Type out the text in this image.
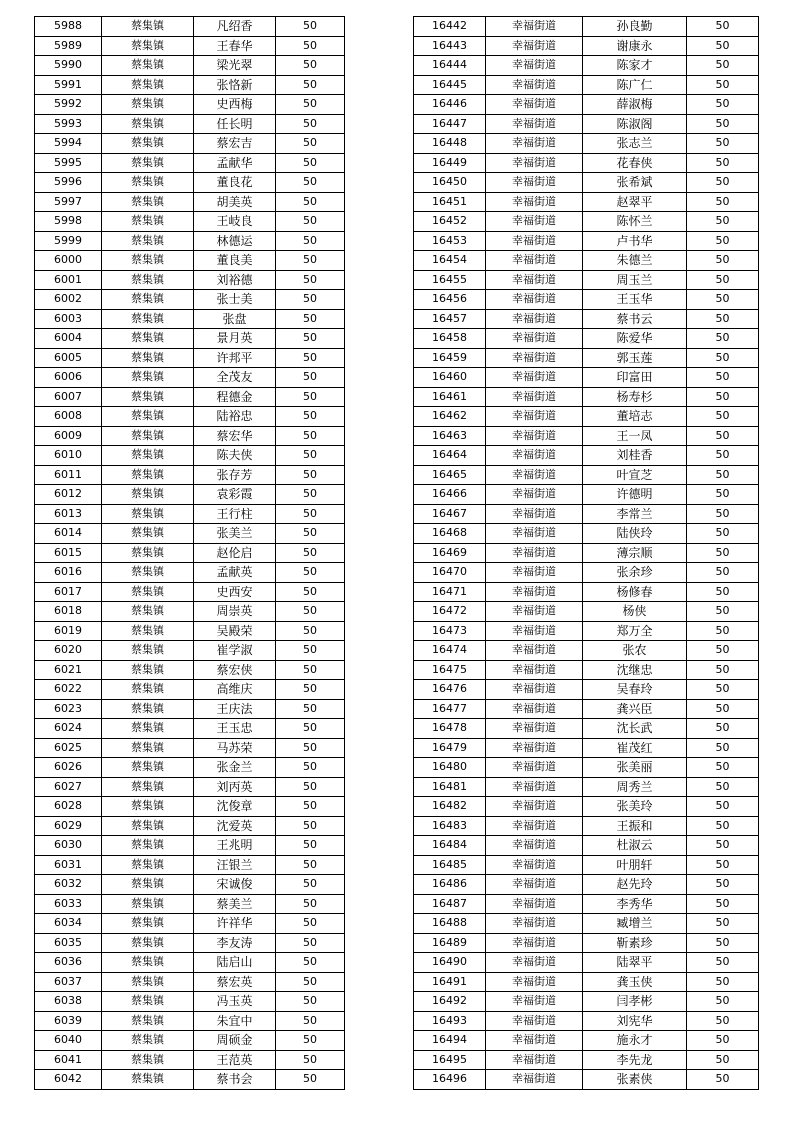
5988	蔡集镇	凡绍香	50
5989	蔡集镇	王春华	50
5990	蔡集镇	梁光翠	50
5991	蔡集镇	张恪新	50
5992	蔡集镇	史西梅	50
5993	蔡集镇	任长明	50
5994	蔡集镇	蔡宏吉	50
5995	蔡集镇	孟献华	50
5996	蔡集镇	董良花	50
5997	蔡集镇	胡美英	50
5998	蔡集镇	王岐良	50
5999	蔡集镇	林德运	50
6000	蔡集镇	董良美	50
6001	蔡集镇	刘裕德	50
6002	蔡集镇	张士美	50
6003	蔡集镇	张盘	50
6004	蔡集镇	景月英	50
6005	蔡集镇	许邦平	50
6006	蔡集镇	全茂友	50
6007	蔡集镇	程德金	50
6008	蔡集镇	陆裕忠	50
6009	蔡集镇	蔡宏华	50
6010	蔡集镇	陈夫侠	50
6011	蔡集镇	张存芳	50
6012	蔡集镇	袁彩霞	50
6013	蔡集镇	王行柱	50
6014	蔡集镇	张美兰	50
6015	蔡集镇	赵伦启	50
6016	蔡集镇	孟献英	50
6017	蔡集镇	史西安	50
6018	蔡集镇	周崇英	50
6019	蔡集镇	吴殿荣	50
6020	蔡集镇	崔学淑	50
6021	蔡集镇	蔡宏侠	50
6022	蔡集镇	高维庆	50
6023	蔡集镇	王庆法	50
6024	蔡集镇	王玉忠	50
6025	蔡集镇	马苏荣	50
6026	蔡集镇	张金兰	50
6027	蔡集镇	刘丙英	50
6028	蔡集镇	沈俊章	50
6029	蔡集镇	沈爱英	50
6030	蔡集镇	王兆明	50
6031	蔡集镇	汪银兰	50
6032	蔡集镇	宋诚俊	50
6033	蔡集镇	蔡美兰	50
6034	蔡集镇	许祥华	50
6035	蔡集镇	李友涛	50
6036	蔡集镇	陆启山	50
6037	蔡集镇	蔡宏英	50
6038	蔡集镇	冯玉英	50
6039	蔡集镇	朱宜中	50
6040	蔡集镇	周硕金	50
6041	蔡集镇	王范英	50
6042	蔡集镇	蔡书会	50
16442	幸福街道	孙良勤	50
16443	幸福街道	谢康永	50
16444	幸福街道	陈家才	50
16445	幸福街道	陈广仁	50
16446	幸福街道	薛淑梅	50
16447	幸福街道	陈淑阁	50
16448	幸福街道	张志兰	50
16449	幸福街道	花春侠	50
16450	幸福街道	张希斌	50
16451	幸福街道	赵翠平	50
16452	幸福街道	陈怀兰	50
16453	幸福街道	卢书华	50
16454	幸福街道	朱德兰	50
16455	幸福街道	周玉兰	50
16456	幸福街道	王玉华	50
16457	幸福街道	蔡书云	50
16458	幸福街道	陈爱华	50
16459	幸福街道	郭玉莲	50
16460	幸福街道	印富田	50
16461	幸福街道	杨寿杉	50
16462	幸福街道	董培志	50
16463	幸福街道	王一凤	50
16464	幸福街道	刘桂香	50
16465	幸福街道	叶宣芝	50
16466	幸福街道	许德明	50
16467	幸福街道	李常兰	50
16468	幸福街道	陆侠玲	50
16469	幸福街道	薄宗顺	50
16470	幸福街道	张余珍	50
16471	幸福街道	杨修春	50
16472	幸福街道	杨侠	50
16473	幸福街道	郑万全	50
16474	幸福街道	张农	50
16475	幸福街道	沈继忠	50
16476	幸福街道	吴春玲	50
16477	幸福街道	龚兴臣	50
16478	幸福街道	沈长武	50
16479	幸福街道	崔茂红	50
16480	幸福街道	张美丽	50
16481	幸福街道	周秀兰	50
16482	幸福街道	张美玲	50
16483	幸福街道	王振和	50
16484	幸福街道	杜淑云	50
16485	幸福街道	叶朋轩	50
16486	幸福街道	赵先玲	50
16487	幸福街道	李秀华	50
16488	幸福街道	臧增兰	50
16489	幸福街道	靳素珍	50
16490	幸福街道	陆翠平	50
16491	幸福街道	龚玉侠	50
16492	幸福街道	闫孝彬	50
16493	幸福街道	刘宪华	50
16494	幸福街道	施永才	50
16495	幸福街道	李先龙	50
16496	幸福街道	张素侠	50
